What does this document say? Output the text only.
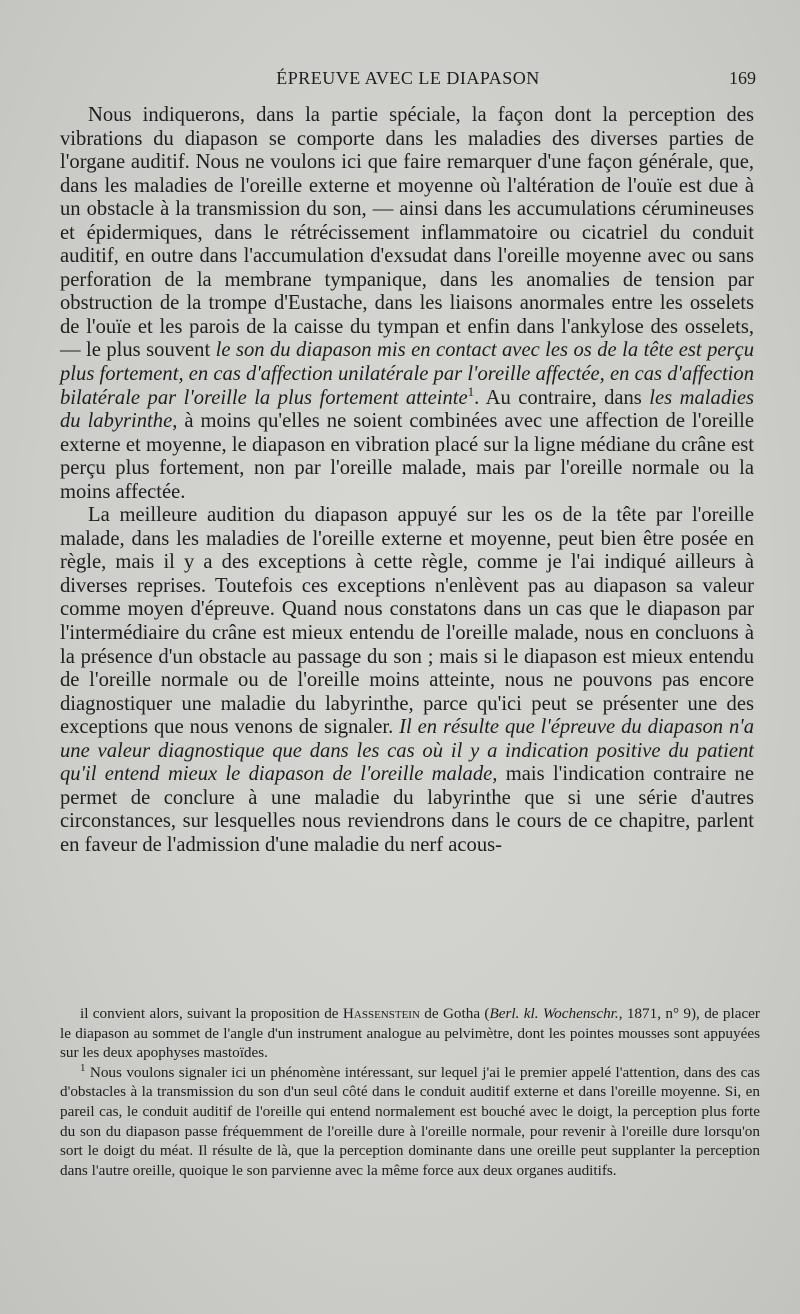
ÉPREUVE AVEC LE DIAPASON	169

Nous indiquerons, dans la partie spéciale, la façon dont la perception des vibrations du diapason se comporte dans les maladies des diverses parties de l'organe auditif. Nous ne voulons ici que faire remarquer d'une façon générale, que, dans les maladies de l'oreille externe et moyenne où l'altération de l'ouïe est due à un obstacle à la transmission du son, — ainsi dans les accumulations cérumineuses et épidermiques, dans le rétrécissement inflammatoire ou cicatriel du conduit auditif, en outre dans l'accumulation d'exsudat dans l'oreille moyenne avec ou sans perforation de la membrane tympanique, dans les anomalies de tension par obstruction de la trompe d'Eustache, dans les liaisons anormales entre les osselets de l'ouïe et les parois de la caisse du tympan et enfin dans l'ankylose des osselets, — le plus souvent le son du diapason mis en contact avec les os de la tête est perçu plus fortement, en cas d'affection unilatérale par l'oreille affectée, en cas d'affection bilatérale par l'oreille la plus fortement atteinte$^1$. Au contraire, dans les maladies du labyrinthe, à moins qu'elles ne soient combinées avec une affection de l'oreille externe et moyenne, le diapason en vibration placé sur la ligne médiane du crâne est perçu plus fortement, non par l'oreille malade, mais par l'oreille normale ou la moins affectée.

La meilleure audition du diapason appuyé sur les os de la tête par l'oreille malade, dans les maladies de l'oreille externe et moyenne, peut bien être posée en règle, mais il y a des exceptions à cette règle, comme je l'ai indiqué ailleurs à diverses reprises. Toutefois ces exceptions n'enlèvent pas au diapason sa valeur comme moyen d'épreuve. Quand nous constatons dans un cas que le diapason par l'intermédiaire du crâne est mieux entendu de l'oreille malade, nous en concluons à la présence d'un obstacle au passage du son ; mais si le diapason est mieux entendu de l'oreille normale ou de l'oreille moins atteinte, nous ne pouvons pas encore diagnostiquer une maladie du labyrinthe, parce qu'ici peut se présenter une des exceptions que nous venons de signaler. Il en résulte que l'épreuve du diapason n'a une valeur diagnostique que dans les cas où il y a indication positive du patient qu'il entend mieux le diapason de l'oreille malade, mais l'indication contraire ne permet de conclure à une maladie du labyrinthe que si une série d'autres circonstances, sur lesquelles nous reviendrons dans le cours de ce chapitre, parlent en faveur de l'admission d'une maladie du nerf acous-

il convient alors, suivant la proposition de Hassenstein de Gotha (Berl. kl. Wochenschr., 1871, n° 9), de placer le diapason au sommet de l'angle d'un instrument analogue au pelvimètre, dont les pointes mousses sont appuyées sur les deux apophyses mastoïdes.

$^1$ Nous voulons signaler ici un phénomène intéressant, sur lequel j'ai le premier appelé l'attention, dans des cas d'obstacles à la transmission du son d'un seul côté dans le conduit auditif externe et dans l'oreille moyenne. Si, en pareil cas, le conduit auditif de l'oreille qui entend normalement est bouché avec le doigt, la perception plus forte du son du diapason passe fréquemment de l'oreille dure à l'oreille normale, pour revenir à l'oreille dure lorsqu'on sort le doigt du méat. Il résulte de là, que la perception dominante dans une oreille peut supplanter la perception dans l'autre oreille, quoique le son parvienne avec la même force aux deux organes auditifs.
